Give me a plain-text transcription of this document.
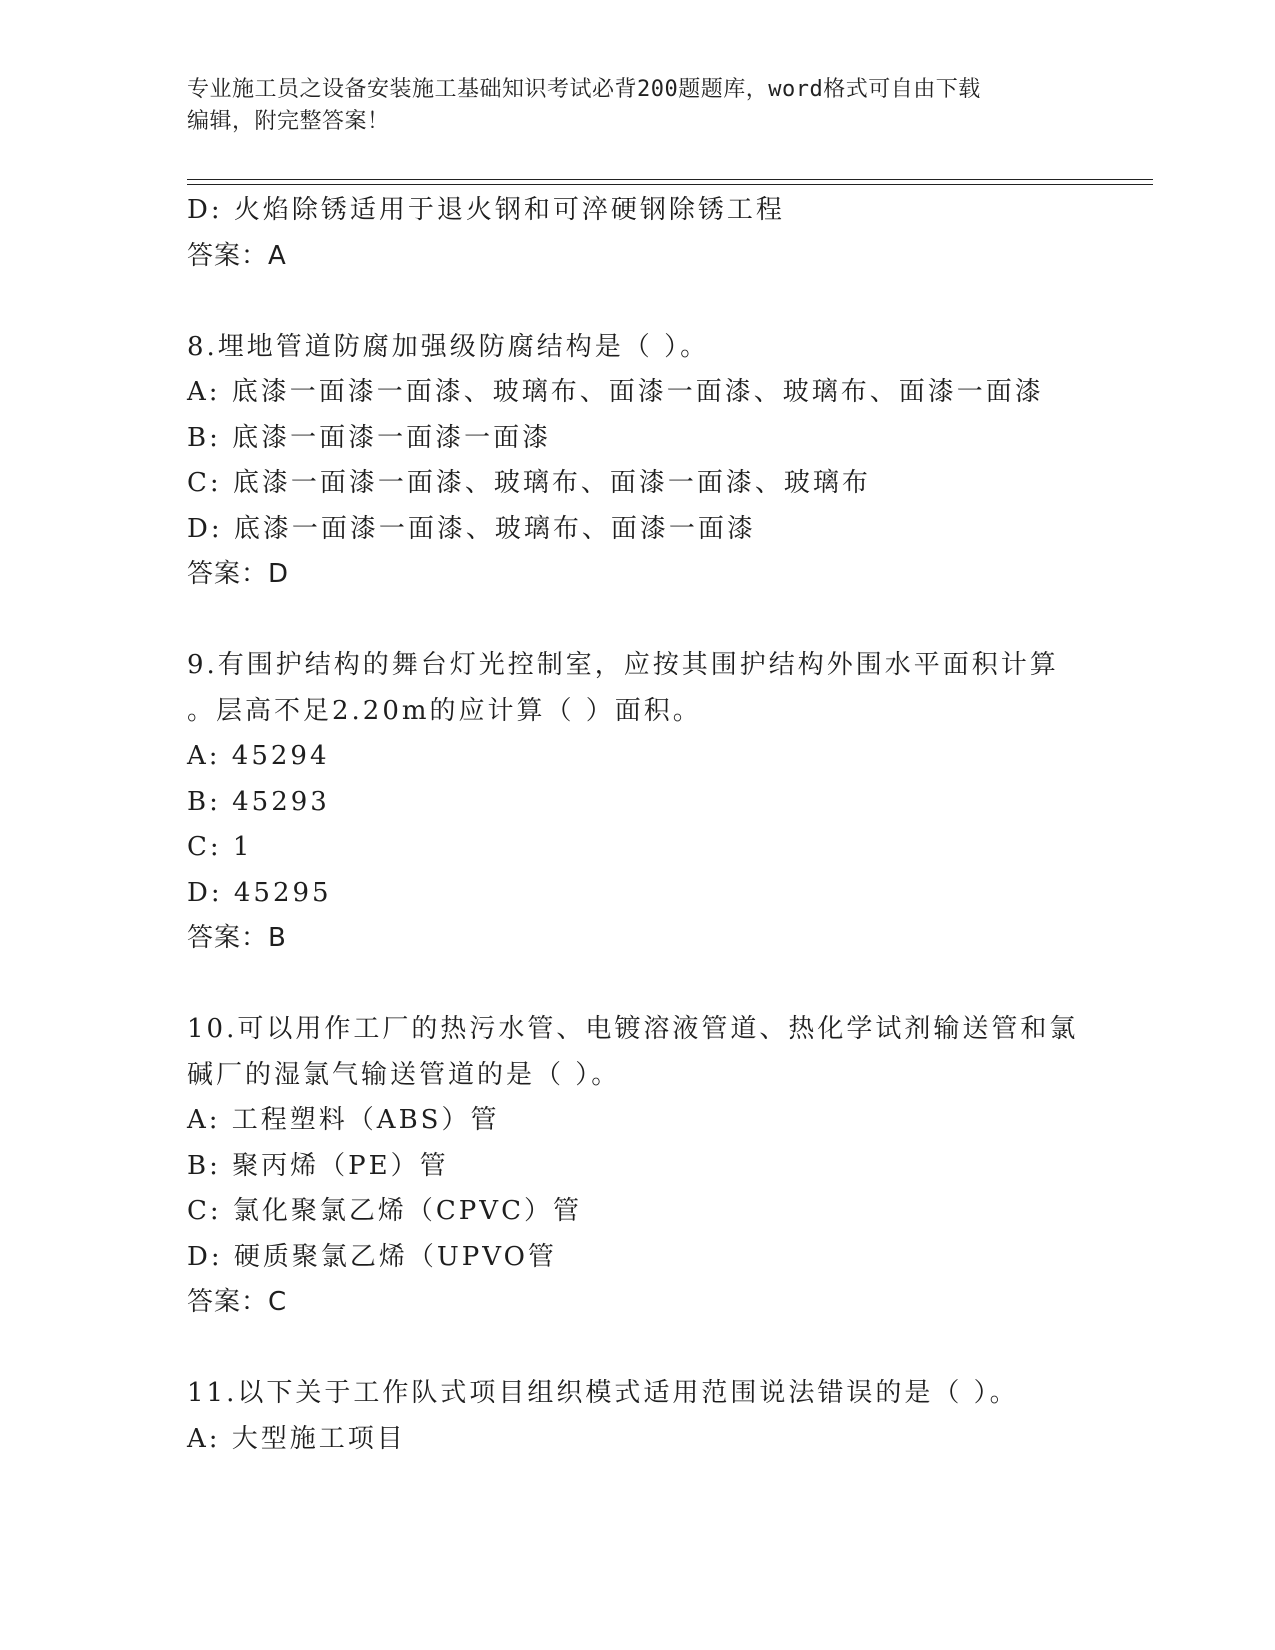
专业施工员之设备安装施工基础知识考试必背200题题库，word格式可自由下载
编辑，附完整答案！
D: 火焰除锈适用于退火钢和可淬硬钢除锈工程
答案：A
8.埋地管道防腐加强级防腐结构是（ ）。
A: 底漆一面漆一面漆、玻璃布、面漆一面漆、玻璃布、面漆一面漆
B: 底漆一面漆一面漆一面漆
C: 底漆一面漆一面漆、玻璃布、面漆一面漆、玻璃布
D: 底漆一面漆一面漆、玻璃布、面漆一面漆
答案：D
9.有围护结构的舞台灯光控制室，应按其围护结构外围水平面积计算
。层高不足2.20m的应计算（ ）面积。
A: 45294
B: 45293
C: 1
D: 45295
答案：B
10.可以用作工厂的热污水管、电镀溶液管道、热化学试剂输送管和氯
碱厂的湿氯气输送管道的是（ ）。
A: 工程塑料（ABS）管
B: 聚丙烯（PE）管
C: 氯化聚氯乙烯（CPVC）管
D: 硬质聚氯乙烯（UPVO管
答案：C
11.以下关于工作队式项目组织模式适用范围说法错误的是（ ）。
A: 大型施工项目
